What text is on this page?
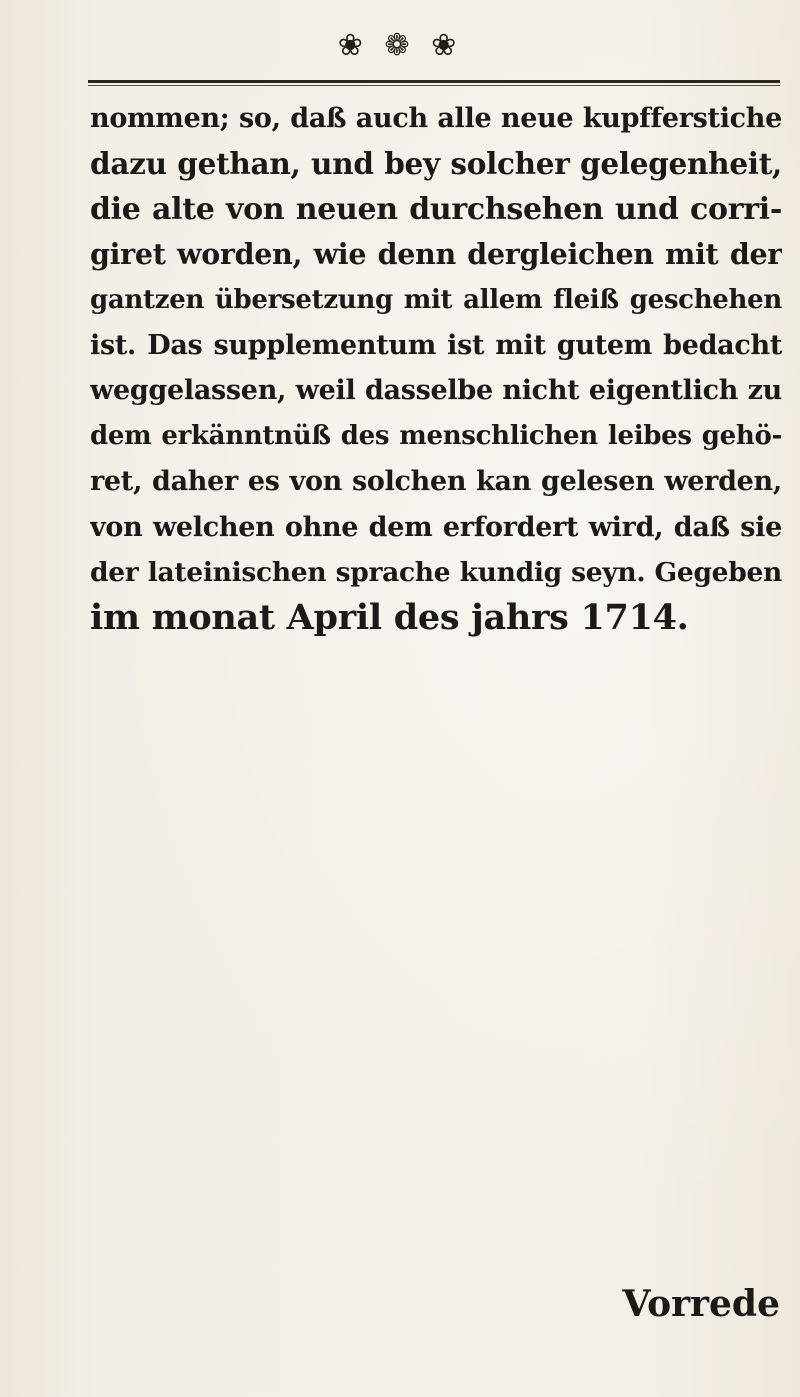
❀ ❁ ❀
nommen; so, daß auch alle neue kupfferstiche
dazu gethan, und bey solcher gelegenheit,
die alte von neuen durchsehen und corri-
giret worden, wie denn dergleichen mit der
gantzen übersetzung mit allem fleiß geschehen
ist. Das supplementum ist mit gutem bedacht
weggelassen, weil dasselbe nicht eigentlich zu
dem erkänntnüß des menschlichen leibes gehö-
ret, daher es von solchen kan gelesen werden,
von welchen ohne dem erfordert wird, daß sie
der lateinischen sprache kundig seyn. Gegeben
im monat April des jahrs 1714.
Vorrede
